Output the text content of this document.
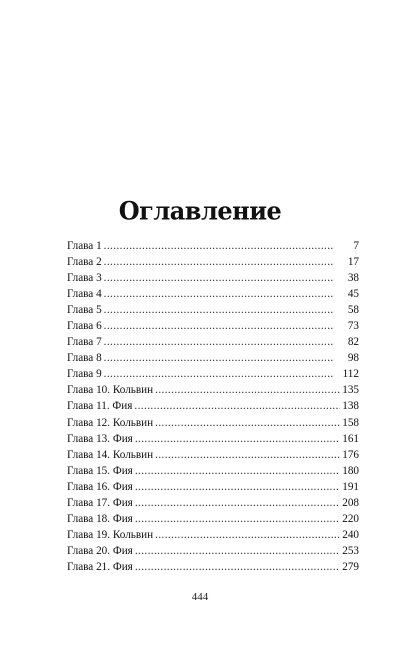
Оглавление
Глава 1 . . .	7
Глава 2 . . .	17
Глава 3 . . .	38
Глава 4 . . .	45
Глава 5 . . .	58
Глава 6 . . .	73
Глава 7 . . .	82
Глава 8 . . .	98
Глава 9 . . .	112
Глава 10. Кольвин . . .	135
Глава 11. Фия . . .	138
Глава 12. Кольвин . . .	158
Глава 13. Фия . . .	161
Глава 14. Кольвин . . .	176
Глава 15. Фия . . .	180
Глава 16. Фия . . .	191
Глава 17. Фия . . .	208
Глава 18. Фия . . .	220
Глава 19. Кольвин . . .	240
Глава 20. Фия . . .	253
Глава 21. Фия . . .	279
444
